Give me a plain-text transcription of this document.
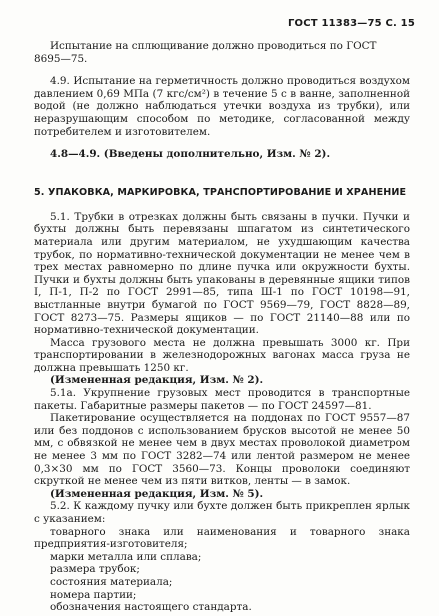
ГОСТ 11383—75 С. 15

Испытание на сплющивание должно проводиться по ГОСТ

8695—75.

4.9. Испытание на герметичность должно проводиться воздухом давлением 0,69 МПа (7 кгс/см²) в течение 5 с в ванне, заполненной водой (не должно наблюдаться утечки воздуха из трубки), или неразрушающим способом по методике, согласованной между потребителем и изготовителем.

4.8—4.9. (Введены дополнительно, Изм. № 2).

5. УПАКОВКА, МАРКИРОВКА, ТРАНСПОРТИРОВАНИЕ И ХРАНЕНИЕ

5.1. Трубки в отрезках должны быть связаны в пучки. Пучки и бухты должны быть перевязаны шпагатом из синтетического материала или другим материалом, не ухудшающим качества трубок, по нормативно-технической документации не менее чем в трех местах равномерно по длине пучка или окружности бухты. Пучки и бухты должны быть упакованы в деревянные ящики типов I, П-1, П-2 по ГОСТ 2991—85, типа Ш-1 по ГОСТ 10198—91, выстланные внутри бумагой по ГОСТ 9569—79, ГОСТ 8828—89, ГОСТ 8273—75. Размеры ящиков — по ГОСТ 21140—88 или по нормативно-технической документации.

Масса грузового места не должна превышать 3000 кг. При транспортировании в железнодорожных вагонах масса груза не должна превышать 1250 кг.

(Измененная редакция, Изм. № 2).

5.1а. Укрупнение грузовых мест проводится в транспортные пакеты. Габаритные размеры пакетов — по ГОСТ 24597—81.

Пакетирование осуществляется на поддонах по ГОСТ 9557—87 или без поддонов с использованием брусков высотой не менее 50 мм, с обвязкой не менее чем в двух местах проволокой диаметром не менее 3 мм по ГОСТ 3282—74 или лентой размером не менее 0,3×30 мм по ГОСТ 3560—73. Концы проволоки соединяют скруткой не менее чем из пяти витков, ленты — в замок.

(Измененная редакция, Изм. № 5).

5.2. К каждому пучку или бухте должен быть прикреплен ярлык с указанием:

товарного знака или наименования и товарного знака предприятия-изготовителя;

марки металла или сплава;

размера трубок;

состояния материала;

номера партии;

обозначения настоящего стандарта.
